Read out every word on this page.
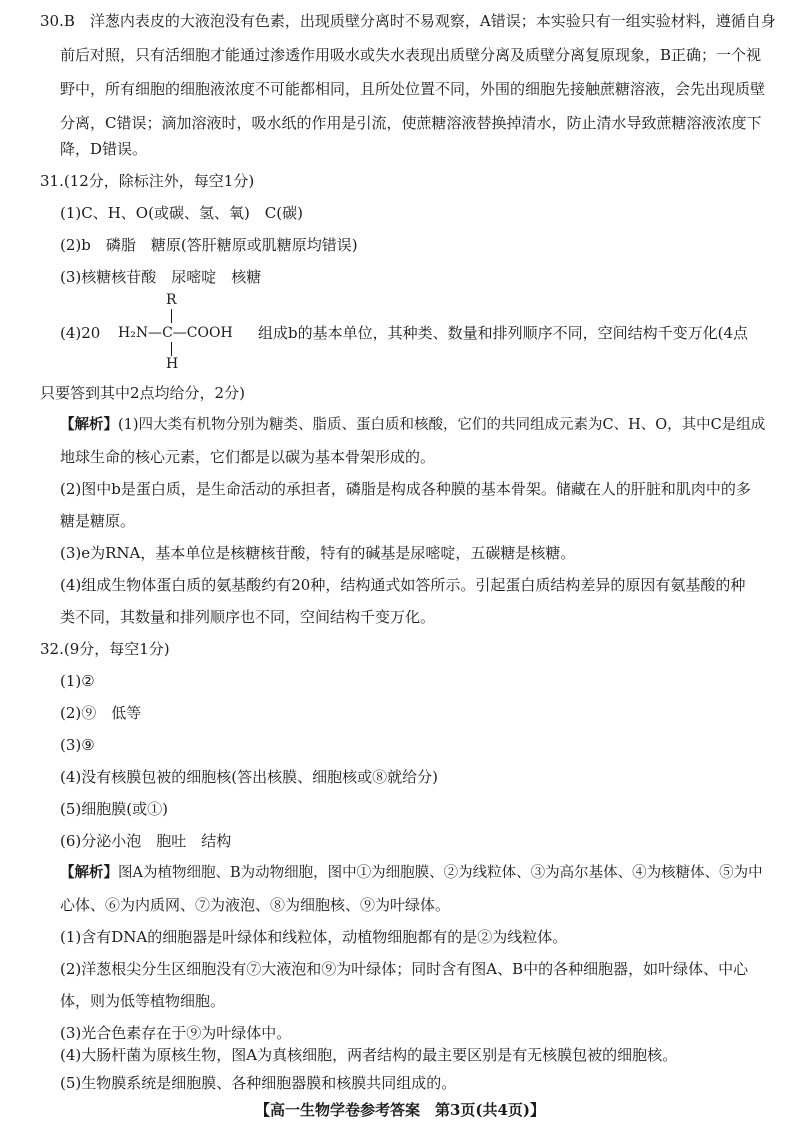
30.B　洋葱内表皮的大液泡没有色素，出现质壁分离时不易观察，A错误；本实验只有一组实验材料，遵循自身
前后对照，只有活细胞才能通过渗透作用吸水或失水表现出质壁分离及质壁分离复原现象，B正确；一个视
野中，所有细胞的细胞液浓度不可能都相同，且所处位置不同，外围的细胞先接触蔗糖溶液，会先出现质壁
分离，C错误；滴加溶液时，吸水纸的作用是引流，使蔗糖溶液替换掉清水，防止清水导致蔗糖溶液浓度下
降，D错误。
31.(12分，除标注外，每空1分)
(1)C、H、O(或碳、氢、氧)　C(碳)
(2)b　磷脂　糖原(答肝糖原或肌糖原均错误)
(3)核糖核苷酸　尿嘧啶　核糖
(4)20
R
H₂N—C—COOH
H
组成b的基本单位，其种类、数量和排列顺序不同，空间结构千变万化(4点
只要答到其中2点均给分，2分)
【解析】(1)四大类有机物分别为糖类、脂质、蛋白质和核酸，它们的共同组成元素为C、H、O，其中C是组成
地球生命的核心元素，它们都是以碳为基本骨架形成的。
(2)图中b是蛋白质，是生命活动的承担者，磷脂是构成各种膜的基本骨架。储藏在人的肝脏和肌肉中的多
糖是糖原。
(3)e为RNA，基本单位是核糖核苷酸，特有的碱基是尿嘧啶，五碳糖是核糖。
(4)组成生物体蛋白质的氨基酸约有20种，结构通式如答所示。引起蛋白质结构差异的原因有氨基酸的种
类不同，其数量和排列顺序也不同，空间结构千变万化。
32.(9分，每空1分)
(1)②
(2)⑨　低等
(3)⑨
(4)没有核膜包被的细胞核(答出核膜、细胞核或⑧就给分)
(5)细胞膜(或①)
(6)分泌小泡　胞吐　结构
【解析】图A为植物细胞、B为动物细胞，图中①为细胞膜、②为线粒体、③为高尔基体、④为核糖体、⑤为中
心体、⑥为内质网、⑦为液泡、⑧为细胞核、⑨为叶绿体。
(1)含有DNA的细胞器是叶绿体和线粒体，动植物细胞都有的是②为线粒体。
(2)洋葱根尖分生区细胞没有⑦大液泡和⑨为叶绿体；同时含有图A、B中的各种细胞器，如叶绿体、中心
体，则为低等植物细胞。
(3)光合色素存在于⑨为叶绿体中。
(4)大肠杆菌为原核生物，图A为真核细胞，两者结构的最主要区别是有无核膜包被的细胞核。
(5)生物膜系统是细胞膜、各种细胞器膜和核膜共同组成的。
【高一生物学卷参考答案　第3页(共4页)】
